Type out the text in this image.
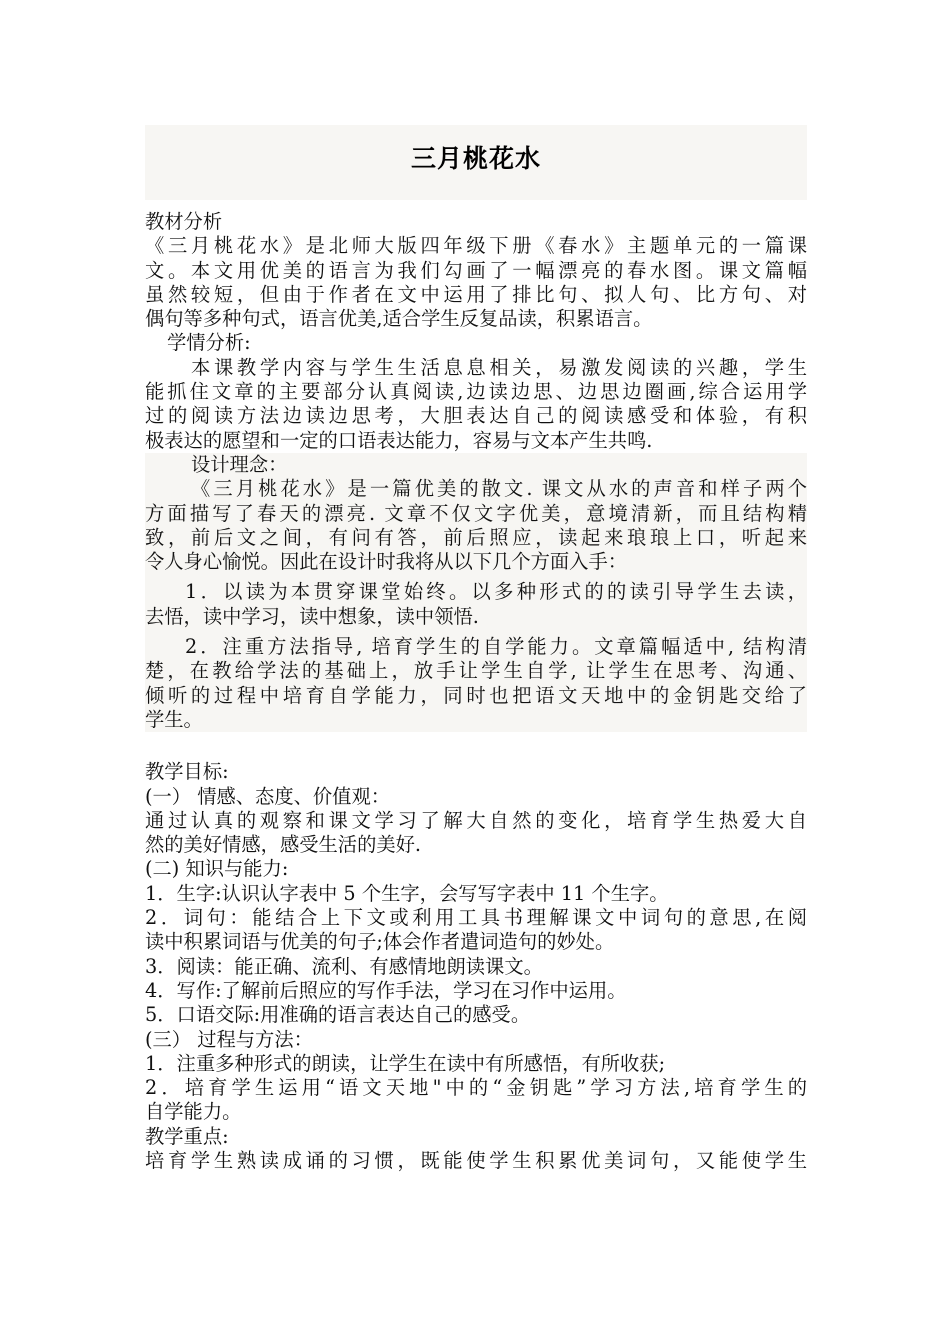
三月桃花水
教材分析
《三月桃花水》是北师大版四年级下册《春水》主题单元的一篇课
文。本文用优美的语言为我们勾画了一幅漂亮的春水图。课文篇幅
虽然较短，但由于作者在文中运用了排比句、拟人句、比方句、对
偶句等多种句式，语言优美,适合学生反复品读，积累语言。
学情分析:
本课教学内容与学生生活息息相关，易激发阅读的兴趣，学生
能抓住文章的主要部分认真阅读,边读边思、边思边圈画,综合运用学
过的阅读方法边读边思考，大胆表达自己的阅读感受和体验，有积
极表达的愿望和一定的口语表达能力，容易与文本产生共鸣.
设计理念：
《三月桃花水》是一篇优美的散文. 课文从水的声音和样子两个
方面描写了春天的漂亮. 文章不仅文字优美，意境清新，而且结构精
致，前后文之间，有问有答，前后照应，读起来琅琅上口，听起来
令人身心愉悦。因此在设计时我将从以下几个方面入手：
1．以读为本贯穿课堂始终。以多种形式的的读引导学生去读，
去悟，读中学习，读中想象，读中领悟.
2．注重方法指导, 培育学生的自学能力。文章篇幅适中, 结构清
楚，在教给学法的基础上，放手让学生自学, 让学生在思考、沟通、
倾听的过程中培育自学能力，同时也把语文天地中的金钥匙交给了
学生。
教学目标:
(一） 情感、态度、价值观：
通过认真的观察和课文学习了解大自然的变化，培育学生热爱大自
然的美好情感，感受生活的美好.
(二) 知识与能力:
1．生字:认识认字表中 5 个生字，会写写字表中 11 个生字。
2．词句：能结合上下文或利用工具书理解课文中词句的意思,在阅
读中积累词语与优美的句子;体会作者遣词造句的妙处。
3．阅读：能正确、流利、有感情地朗读课文。
4．写作:了解前后照应的写作手法，学习在习作中运用。
5．口语交际:用准确的语言表达自己的感受。
(三） 过程与方法：
1．注重多种形式的朗读，让学生在读中有所感悟，有所收获;
2．培育学生运用“语文天地"中的“金钥匙”学习方法,培育学生的
自学能力。
教学重点:
培育学生熟读成诵的习惯，既能使学生积累优美词句，又能使学生
